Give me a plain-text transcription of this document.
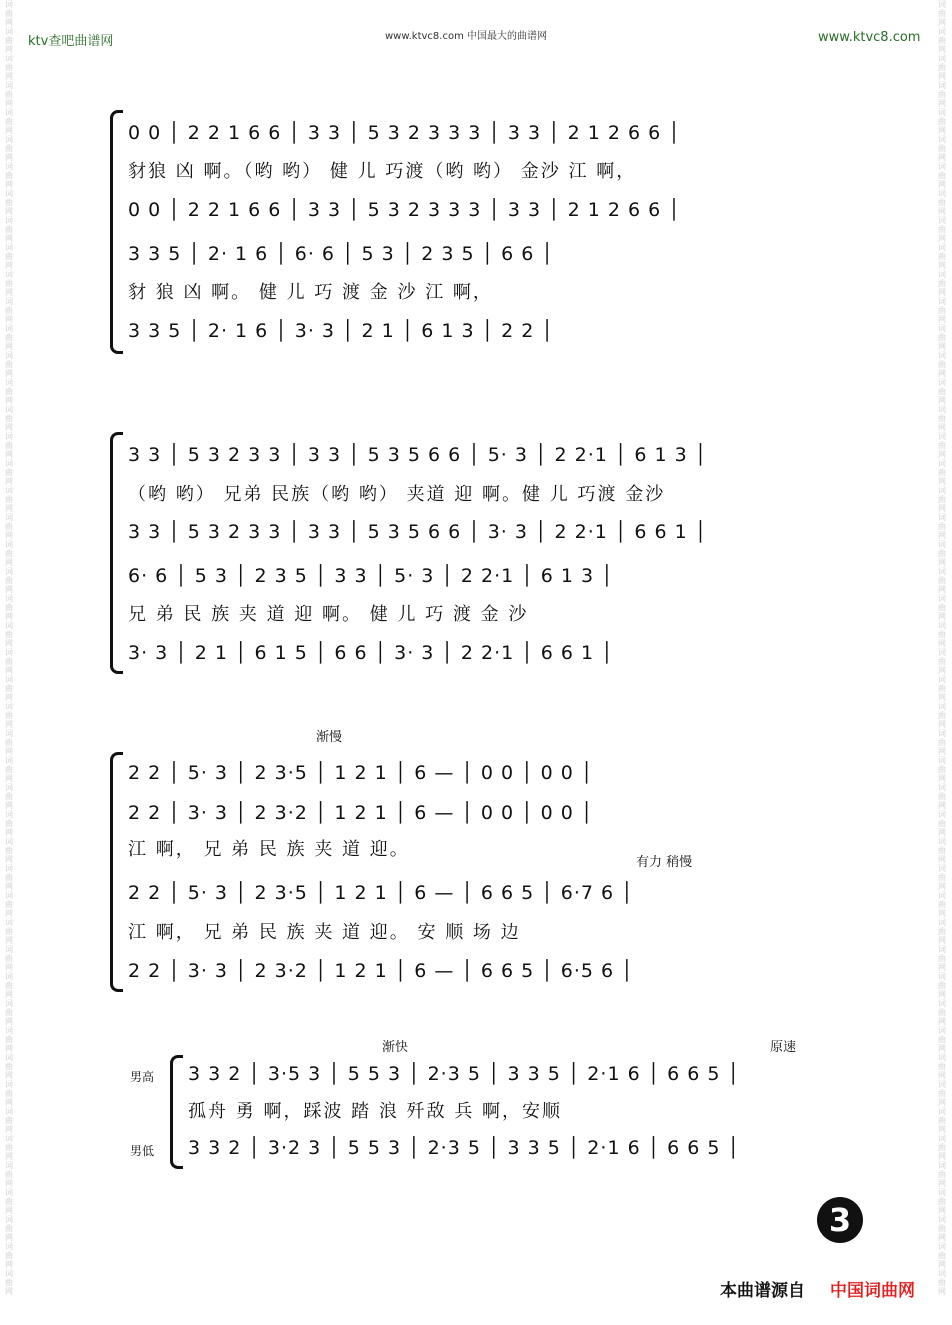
ktv查吧曲谱网	www.ktvc8.com 中国最大的曲谱网	www.ktvc8.com
词
曲
网
词
曲
网
词
曲
网
词
曲
网
词
曲
网
词
曲
网
词
曲
网
词
曲
网
词
曲
网
词
曲
网
词
曲
网
词
曲
网
词
曲
网
词
曲
网
词
曲
网
词
曲
网
词
曲
网
词
曲
网
词
曲
网
词
曲
网
词
曲
网
词
曲
网
词
曲
网
词
曲
网
词
曲
网
词
曲
网
词
曲
网
词
曲
网
词
曲
网
词
曲
网
词
曲
网
词
曲
网
词
曲
网
词
曲
网
词
曲
网
词
曲
网
词
曲
网
词
曲
网
词
曲
网
词
曲
网
词
曲
网
词
曲
网
词
曲
网
词
曲
网
词
曲
网
词
曲
网
词
曲
网
词
曲
网

词
曲
网
词
曲
网
词
曲
网
词
曲
网
词
曲
网
词
曲
网
词
曲
网
词
曲
网
词
曲
网
词
曲
网
词
曲
网
词
曲
网
词
曲
网
词
曲
网
词
曲
网
词
曲
网
词
曲
网
词
曲
网
词
曲
网
词
曲
网
词
曲
网
词
曲
网
词
曲
网
词
曲
网
词
曲
网
词
曲
网
词
曲
网
词
曲
网
词
曲
网
词
曲
网
词
曲
网
词
曲
网
词
曲
网
词
曲
网
词
曲
网
词
曲
网
词
曲
网
词
曲
网
词
曲
网
词
曲
网
词
曲
网
词
曲
网
词
曲
网
词
曲
网
词
曲
网
词
曲
网
词
曲
网
词
曲
网

0 0 │ 2 2 1 6 6 │ 3 3 │ 5 3 2 3 3 3 │ 3 3 │ 2 1 2 6 6 │
豺狼 凶 啊。（哟 哟） 健 儿 巧渡（哟 哟） 金沙 江 啊，
0 0 │ 2 2 1 6 6 │ 3 3 │ 5 3 2 3 3 3 │ 3 3 │ 2 1 2 6 6 │
3 3 5 │ 2· 1 6 │ 6· 6 │ 5 3 │ 2 3 5 │ 6 6 │
豺 狼 凶 啊。 健 儿 巧 渡 金 沙 江 啊，
3 3 5 │ 2· 1 6 │ 3· 3 │ 2 1 │ 6 1 3 │ 2 2 │
3 3 │ 5 3 2 3 3 │ 3 3 │ 5 3 5 6 6 │ 5· 3 │ 2 2·1 │ 6 1 3 │
（哟 哟） 兄弟 民族（哟 哟） 夹道 迎 啊。健 儿 巧渡 金沙
3 3 │ 5 3 2 3 3 │ 3 3 │ 5 3 5 6 6 │ 3· 3 │ 2 2·1 │ 6 6 1 │
6· 6 │ 5 3 │ 2 3 5 │ 3 3 │ 5· 3 │ 2 2·1 │ 6 1 3 │
兄 弟 民 族 夹 道 迎 啊。 健 儿 巧 渡 金 沙
3· 3 │ 2 1 │ 6 1 5 │ 6 6 │ 3· 3 │ 2 2·1 │ 6 6 1 │
渐慢
2 2 │ 5· 3 │ 2 3·5 │ 1 2 1 │ 6 — │ 0 0 │ 0 0 │
2 2 │ 3· 3 │ 2 3·2 │ 1 2 1 │ 6 — │ 0 0 │ 0 0 │
江 啊， 兄 弟 民 族 夹 道 迎。
2 2 │ 5· 3 │ 2 3·5 │ 1 2 1 │ 6 — │ 6 6 5 │ 6·7 6 │
江 啊， 兄 弟 民 族 夹 道 迎。 安 顺 场 边
2 2 │ 3· 3 │ 2 3·2 │ 1 2 1 │ 6 — │ 6 6 5 │ 6·5 6 │
有力 稍慢
渐快	原速
男高
男低
3 3 2 │ 3·5 3 │ 5 5 3 │ 2·3 5 │ 3 3 5 │ 2·1 6 │ 6 6 5 │
孤舟 勇 啊，踩波 踏 浪 歼敌 兵 啊，安顺
3 3 2 │ 3·2 3 │ 5 5 3 │ 2·3 5 │ 3 3 5 │ 2·1 6 │ 6 6 5 │
3
本曲谱源自 中国词曲网
